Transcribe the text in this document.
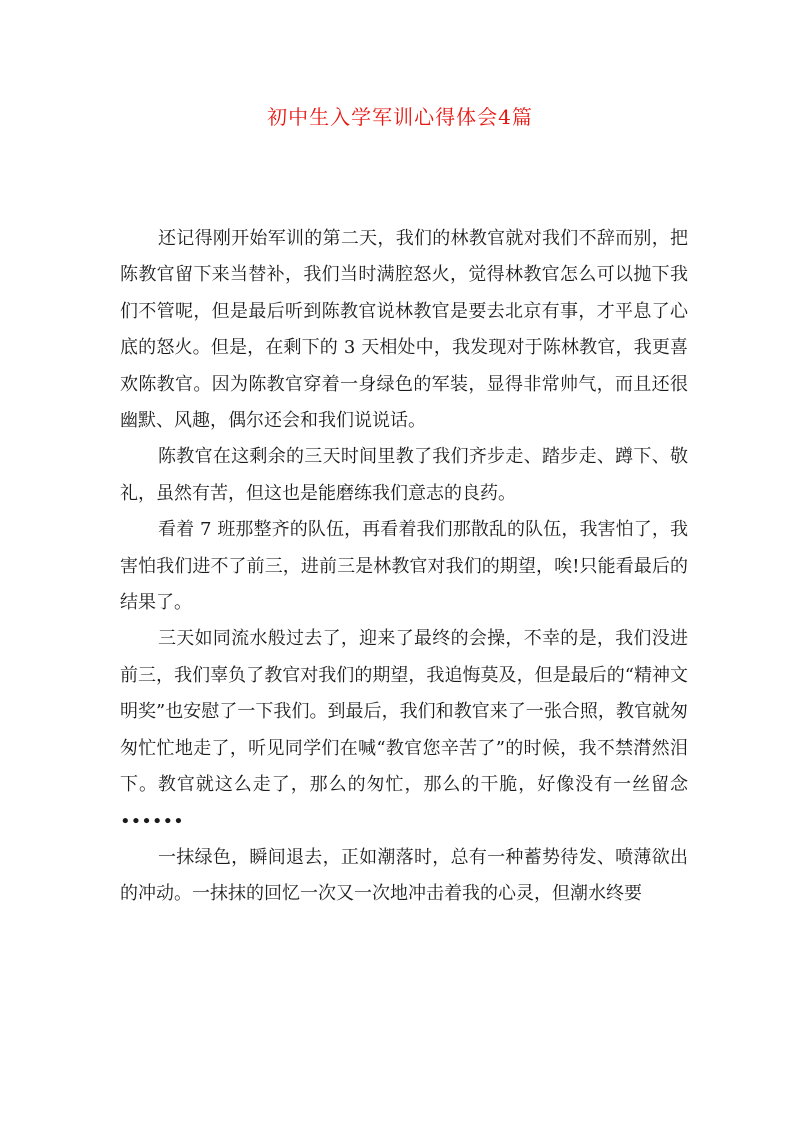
初中生入学军训心得体会4篇

还记得刚开始军训的第二天，我们的林教官就对我们不辞而别，把陈教官留下来当替补，我们当时满腔怒火，觉得林教官怎么可以抛下我们不管呢，但是最后听到陈教官说林教官是要去北京有事，才平息了心底的怒火。但是，在剩下的 3 天相处中，我发现对于陈林教官，我更喜欢陈教官。因为陈教官穿着一身绿色的军装，显得非常帅气，而且还很幽默、风趣，偶尔还会和我们说说话。

陈教官在这剩余的三天时间里教了我们齐步走、踏步走、蹲下、敬礼，虽然有苦，但这也是能磨练我们意志的良药。

看着 7 班那整齐的队伍，再看着我们那散乱的队伍，我害怕了，我害怕我们进不了前三，进前三是林教官对我们的期望，唉!只能看最后的结果了。

三天如同流水般过去了，迎来了最终的会操，不幸的是，我们没进前三，我们辜负了教官对我们的期望，我追悔莫及，但是最后的“精神文明奖”也安慰了一下我们。到最后，我们和教官来了一张合照，教官就匆匆忙忙地走了，听见同学们在喊“教官您辛苦了”的时候，我不禁潸然泪下。教官就这么走了，那么的匆忙，那么的干脆，好像没有一丝留念••••••

一抹绿色，瞬间退去，正如潮落时，总有一种蓄势待发、喷薄欲出的冲动。一抹抹的回忆一次又一次地冲击着我的心灵，但潮水终要
